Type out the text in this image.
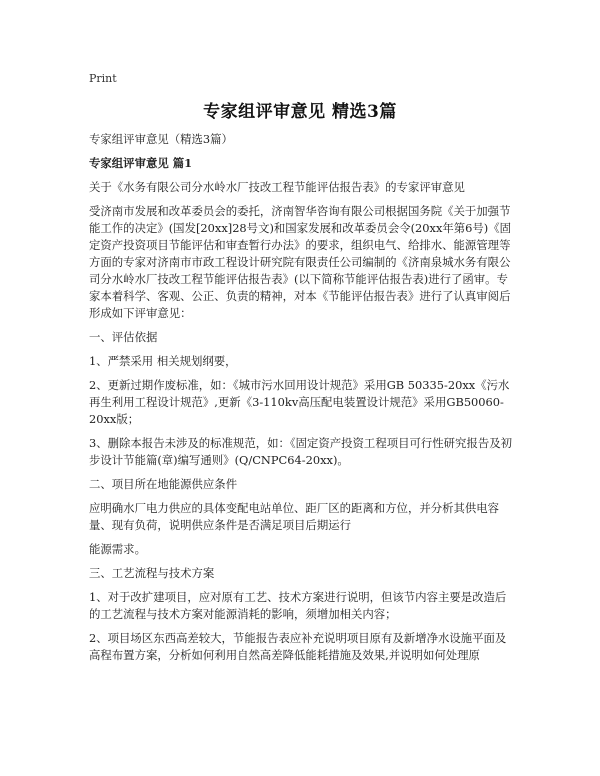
Print
专家组评审意见 精选3篇

专家组评审意见（精选3篇）

专家组评审意见 篇1

关于《水务有限公司分水岭水厂技改工程节能评估报告表》的专家评审意见

受济南市发展和改革委员会的委托，济南智华咨询有限公司根据国务院《关于加强节能工作的决定》(国发[20xx]28号文)和国家发展和改革委员会令(20xx年第6号)《固定资产投资项目节能评估和审查暂行办法》的要求，组织电气、给排水、能源管理等方面的专家对济南市市政工程设计研究院有限责任公司编制的《济南泉城水务有限公司分水岭水厂技改工程节能评估报告表》(以下简称节能评估报告表)进行了函审。专家本着科学、客观、公正、负责的精神，对本《节能评估报告表》进行了认真审阅后形成如下评审意见：

一、评估依据

1、严禁采用 相关规划纲要，

2、更新过期作废标准，如：《城市污水回用设计规范》采用GB 50335-20xx《污水再生利用工程设计规范》,更新《3-110kv高压配电装置设计规范》采用GB50060-20xx版；

3、删除本报告未涉及的标准规范，如：《固定资产投资工程项目可行性研究报告及初步设计节能篇(章)编写通则》(Q/CNPC64-20xx)。

二、项目所在地能源供应条件

应明确水厂电力供应的具体变配电站单位、距厂区的距离和方位，并分析其供电容量、现有负荷，说明供应条件是否满足项目后期运行

能源需求。

三、工艺流程与技术方案

1、对于改扩建项目，应对原有工艺、技术方案进行说明，但该节内容主要是改造后的工艺流程与技术方案对能源消耗的影响，须增加相关内容；

2、项目场区东西高差较大，节能报告表应补充说明项目原有及新增净水设施平面及高程布置方案，分析如何利用自然高差降低能耗措施及效果,并说明如何处理原
